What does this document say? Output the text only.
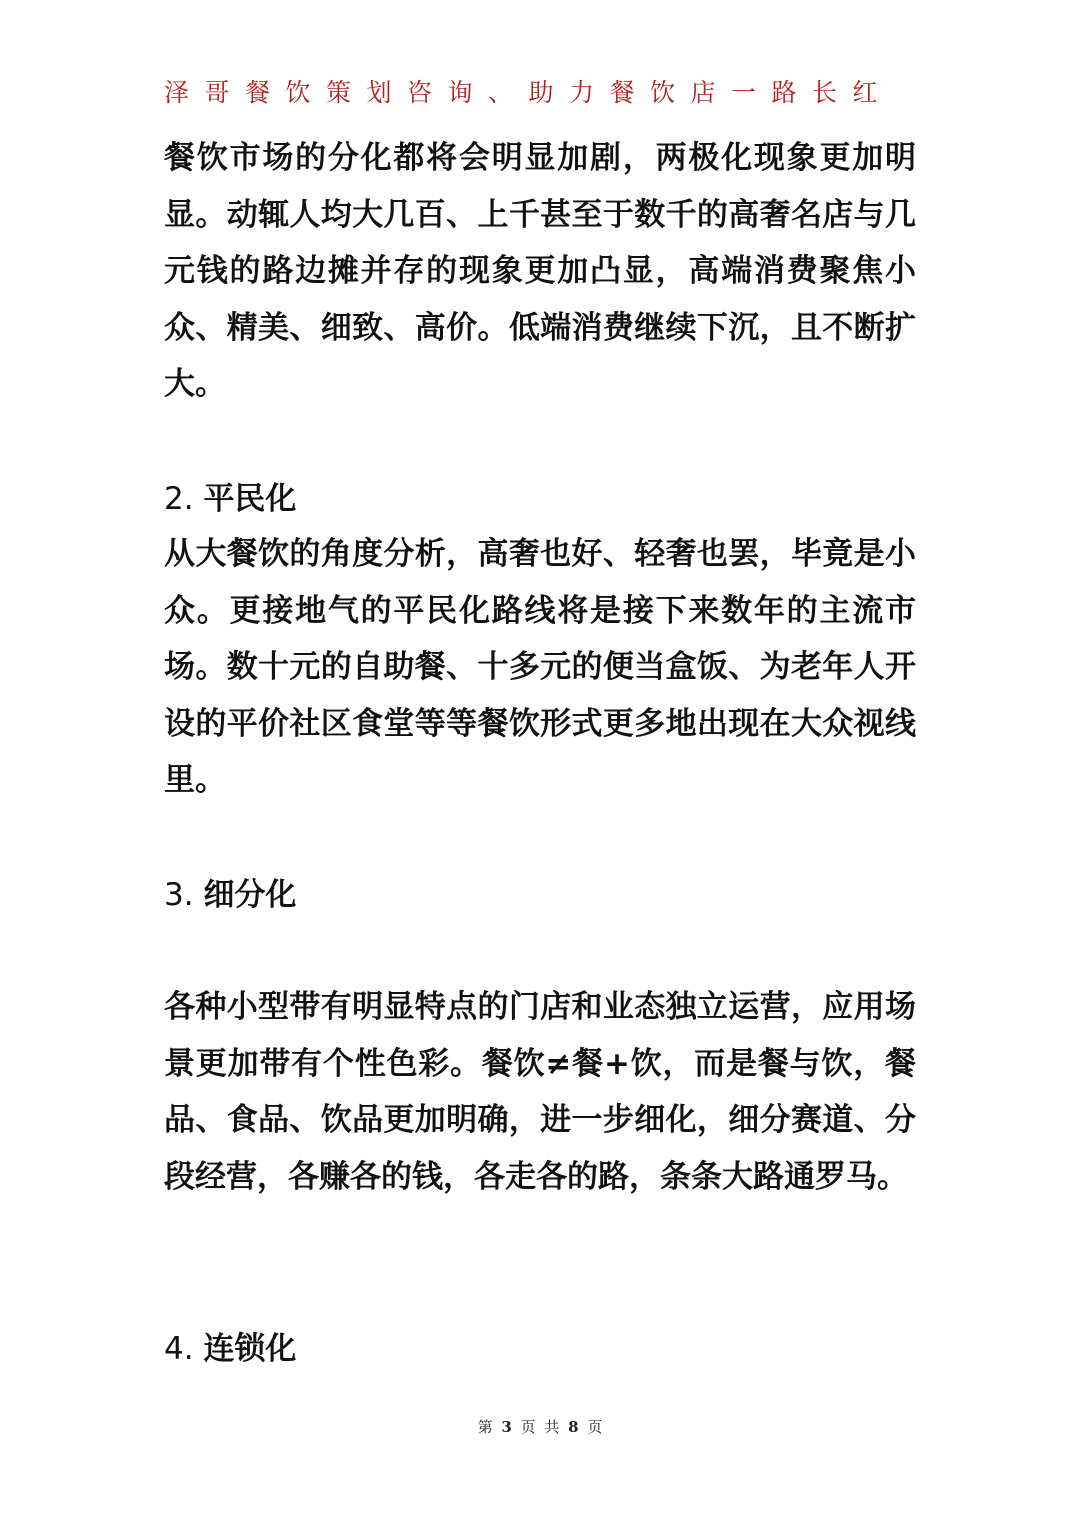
泽哥餐饮策划咨询、助力餐饮店一路长红

餐饮市场的分化都将会明显加剧，两极化现象更加明显。动辄人均大几百、上千甚至于数千的高奢名店与几元钱的路边摊并存的现象更加凸显，高端消费聚焦小众、精美、细致、高价。低端消费继续下沉，且不断扩大。

2. 平民化

从大餐饮的角度分析，高奢也好、轻奢也罢，毕竟是小众。更接地气的平民化路线将是接下来数年的主流市场。数十元的自助餐、十多元的便当盒饭、为老年人开设的平价社区食堂等等餐饮形式更多地出现在大众视线里。

3. 细分化

各种小型带有明显特点的门店和业态独立运营，应用场景更加带有个性色彩。餐饮≠餐+饮，而是餐与饮，餐品、食品、饮品更加明确，进一步细化，细分赛道、分段经营，各赚各的钱，各走各的路，条条大路通罗马。

4. 连锁化
第 3 页 共 8 页
